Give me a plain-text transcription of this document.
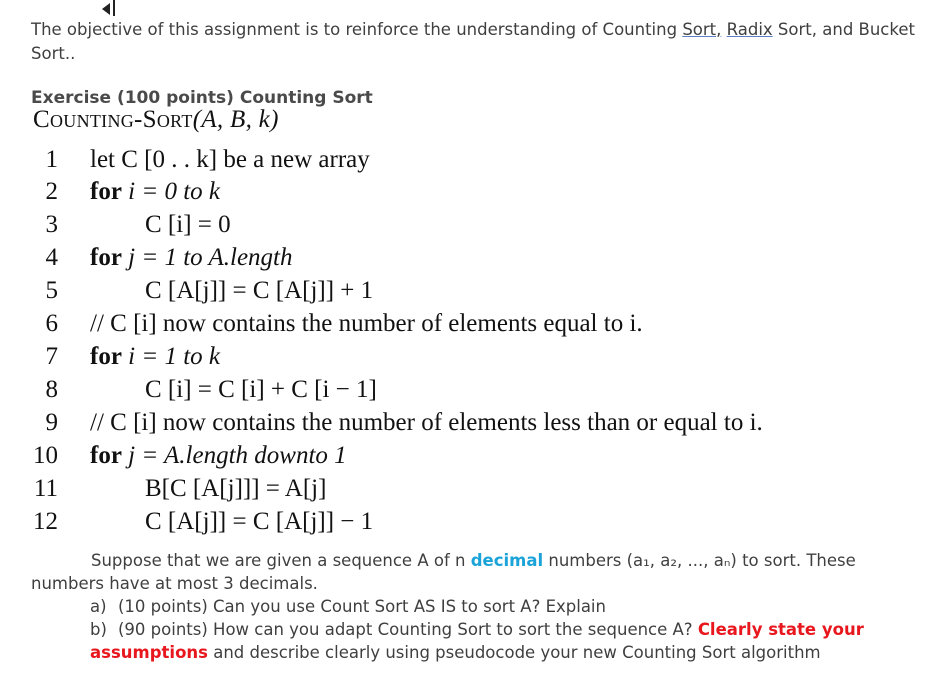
The objective of this assignment is to reinforce the understanding of Counting Sort, Radix Sort, and Bucket Sort..
Exercise (100 points) Counting Sort
Counting-Sort(A, B, k)
1 let C [0 . . k] be a new array
2 for i = 0 to k
3	C [i] = 0
4 for j = 1 to A.length
5	C [A[j]] = C [A[j]] + 1
6 // C [i] now contains the number of elements equal to i.
7 for i = 1 to k
8	C [i] = C [i] + C [i − 1]
9 // C [i] now contains the number of elements less than or equal to i.
10 for j = A.length downto 1
11	B[C [A[j]]] = A[j]
12	C [A[j]] = C [A[j]] − 1
Suppose that we are given a sequence A of n decimal numbers (a₁, a₂, ..., aₙ) to sort. These numbers have at most 3 decimals.
a) (10 points) Can you use Count Sort AS IS to sort A? Explain
b) (90 points) How can you adapt Counting Sort to sort the sequence A? Clearly state your assumptions and describe clearly using pseudocode your new Counting Sort algorithm
